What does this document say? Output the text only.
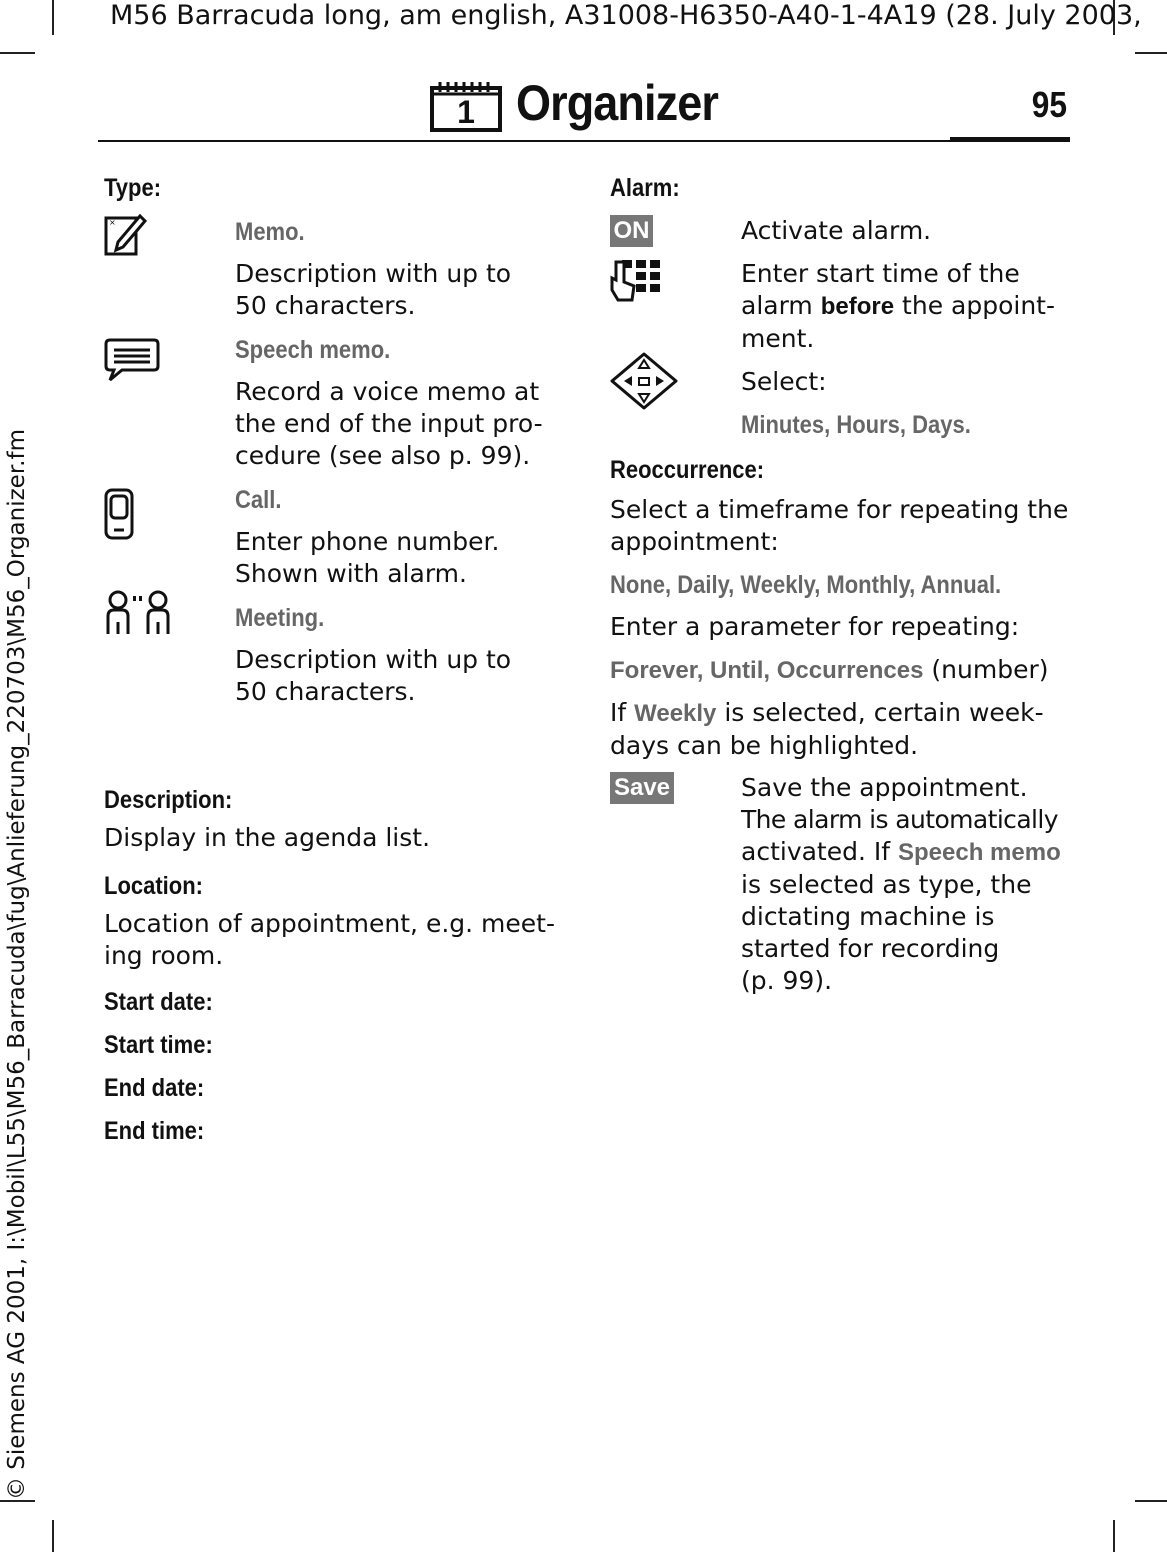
M56 Barracuda long, am english, A31008-H6350-A40-1-4A19 (28. July 2003,
© Siemens AG 2001, I:\Mobil\L55\M56_Barracuda\fug\Anlieferung_220703\M56_Organizer.fm
1 Organizer	95
Type:
×	Memo.
Description with up to
50 characters.
Speech memo.
Record a voice memo at
the end of the input pro-
cedure (see also p. 99).
Call.
Enter phone number.
Shown with alarm.
Meeting.
Description with up to
50 characters.
Description:
Display in the agenda list.
Location:
Location of appointment, e.g. meet-
ing room.
Start date:
Start time:
End date:
End time:
Alarm:
ON	Activate alarm.
Enter start time of the
alarm before the appoint-
ment.
Select:
Minutes, Hours, Days.
Reoccurrence:
Select a timeframe for repeating the
appointment:
None, Daily, Weekly, Monthly, Annual.
Enter a parameter for repeating:
Forever, Until, Occurrences (number)
If Weekly is selected, certain week-
days can be highlighted.
Save	Save the appointment.
The alarm is automatically
activated. If Speech memo
is selected as type, the
dictating machine is
started for recording
(p. 99).
